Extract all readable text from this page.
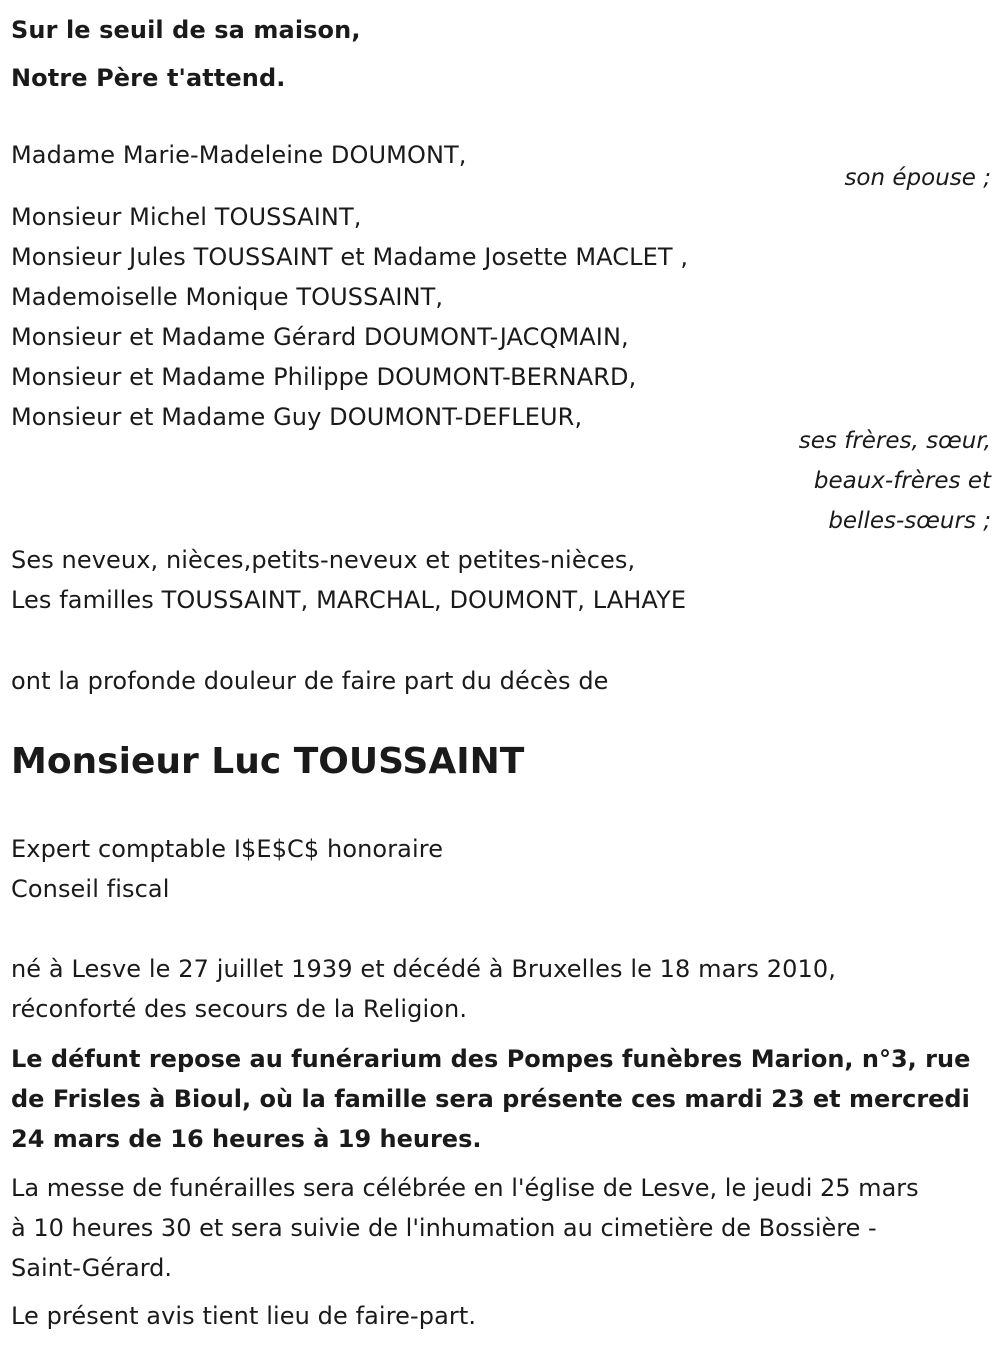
Sur le seuil de sa maison,
Notre Père t'attend.
Madame Marie-Madeleine DOUMONT,
son épouse ;
Monsieur Michel TOUSSAINT,
Monsieur Jules TOUSSAINT et Madame Josette MACLET ,
Mademoiselle Monique TOUSSAINT,
Monsieur et Madame Gérard DOUMONT-JACQMAIN,
Monsieur et Madame Philippe DOUMONT-BERNARD,
Monsieur et Madame Guy DOUMONT-DEFLEUR,
ses frères, sœur,
beaux-frères et
belles-sœurs ;
Ses neveux, nièces,petits-neveux et petites-nièces,
Les familles TOUSSAINT, MARCHAL, DOUMONT, LAHAYE
ont la profonde douleur de faire part du décès de
Monsieur Luc TOUSSAINT
Expert comptable I$E$C$ honoraire
Conseil fiscal
né à Lesve le 27 juillet 1939 et décédé à Bruxelles le 18 mars 2010,
réconforté des secours de la Religion.
Le défunt repose au funérarium des Pompes funèbres Marion, n°3, rue de Frisles à Bioul, où la famille sera présente ces mardi 23 et mercredi 24 mars de 16 heures à 19 heures.
La messe de funérailles sera célébrée en l'église de Lesve, le jeudi 25 mars à 10 heures 30 et sera suivie de l'inhumation au cimetière de Bossière - Saint-Gérard.
Le présent avis tient lieu de faire-part.
